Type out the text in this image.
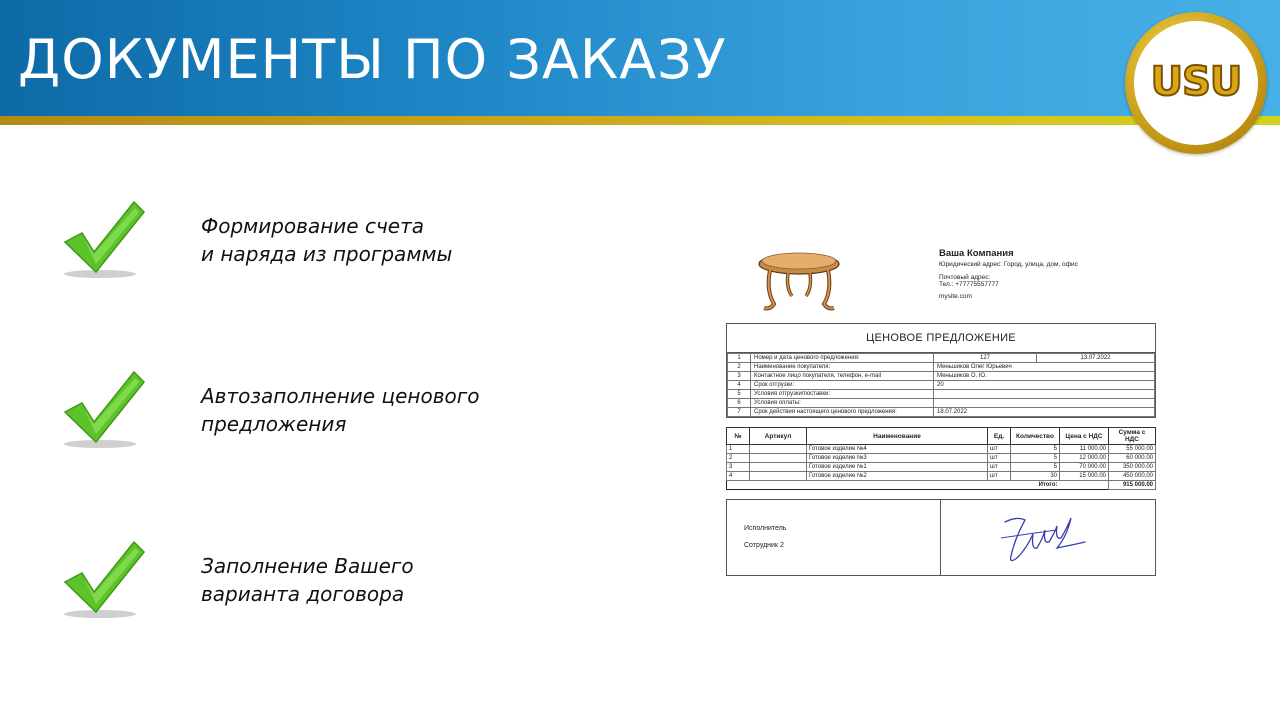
ДОКУМЕНТЫ ПО ЗАКАЗУ	USU
Формирование счета
и наряда из программы
Автозаполнение ценового
предложения
Заполнение Вашего
варианта договора
Ваша Компания
Юридический адрес: Город, улица, дом, офис
Почтовый адрес:
Тел.: +77775557777
mysite.com
ЦЕНОВОЕ ПРЕДЛОЖЕНИЕ
1	Номер и дата ценового предложения:	127	13.07.2022
2	Наименование покупателя:	Меньшиков Олег Юрьевич	
3	Контактное лицо покупателя, телефон, e-mail	Меньшиков О. Ю.	
4	Срок отгрузки:	20	
5	Условия отгрузки/поставки:		
6	Условия оплаты:		
7	Срок действия настоящего ценового предложения:	18.07.2022	
№	Артикул	Наименование	Ед.	Количество	Цена с НДС	Сумма с НДС
1		Готовое изделие №4	шт	5	11 000.00	55 000.00
2		Готовое изделие №3	шт	5	12 000.00	60 000.00
3		Готовое изделие №1	шт	5	70 000.00	350 000.00
4		Готовое изделие №2	шт	30	15 000.00	450 000.00
Итого:						915 000.00
Исполнитель
Сотрудник 2
